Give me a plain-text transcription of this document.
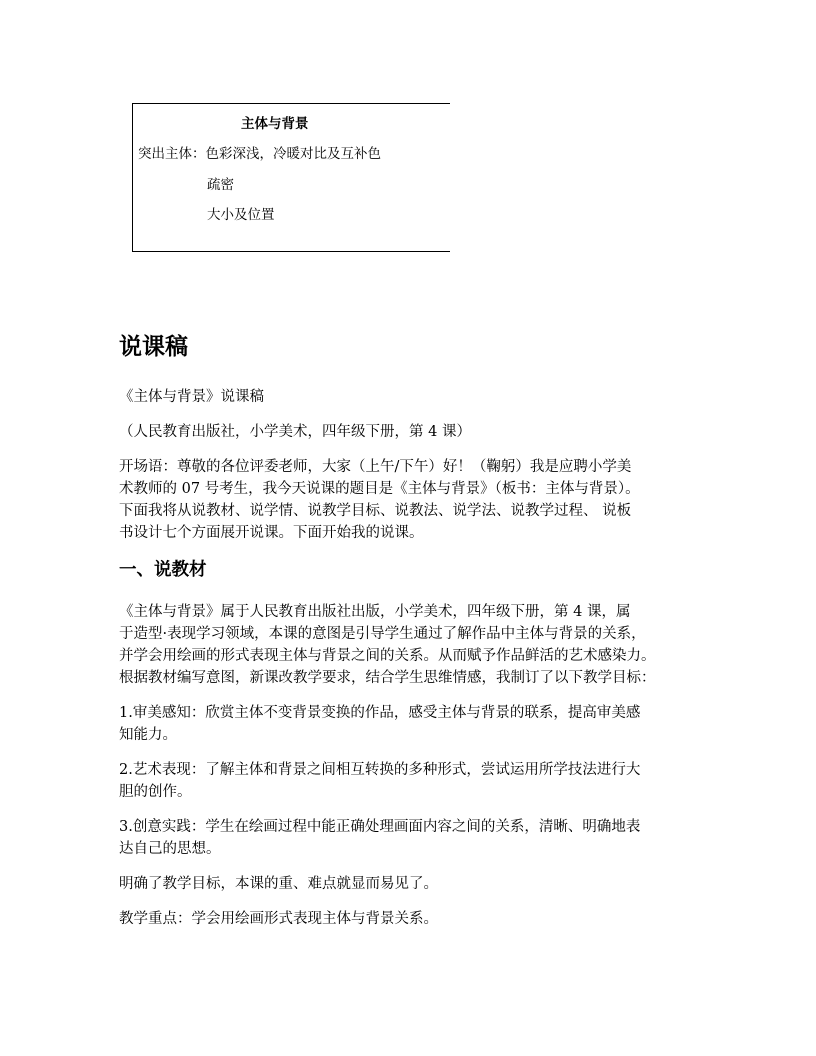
主体与背景
突出主体：色彩深浅，冷暖对比及互补色
疏密
大小及位置
说课稿

《主体与背景》说课稿

（人民教育出版社，小学美术，四年级下册，第 4 课）

开场语：尊敬的各位评委老师，大家（上午/下午）好！（鞠躬）我是应聘小学美
术教师的 07 号考生，我今天说课的题目是《主体与背景》（板书：主体与背景）。
下面我将从说教材、说学情、说教学目标、说教法、说学法、说教学过程、 说板
书设计七个方面展开说课。下面开始我的说课。

一、说教材

《主体与背景》属于人民教育出版社出版，小学美术，四年级下册，第 4 课，属
于造型·表现学习领域，本课的意图是引导学生通过了解作品中主体与背景的关系，
并学会用绘画的形式表现主体与背景之间的关系。从而赋予作品鲜活的艺术感染力。
根据教材编写意图，新课改教学要求，结合学生思维情感，我制订了以下教学目标：

1.审美感知：欣赏主体不变背景变换的作品，感受主体与背景的联系，提高审美感
知能力。

2.艺术表现：了解主体和背景之间相互转换的多种形式，尝试运用所学技法进行大
胆的创作。

3.创意实践：学生在绘画过程中能正确处理画面内容之间的关系，清晰、明确地表
达自己的思想。

明确了教学目标，本课的重、难点就显而易见了。

教学重点：学会用绘画形式表现主体与背景关系。
